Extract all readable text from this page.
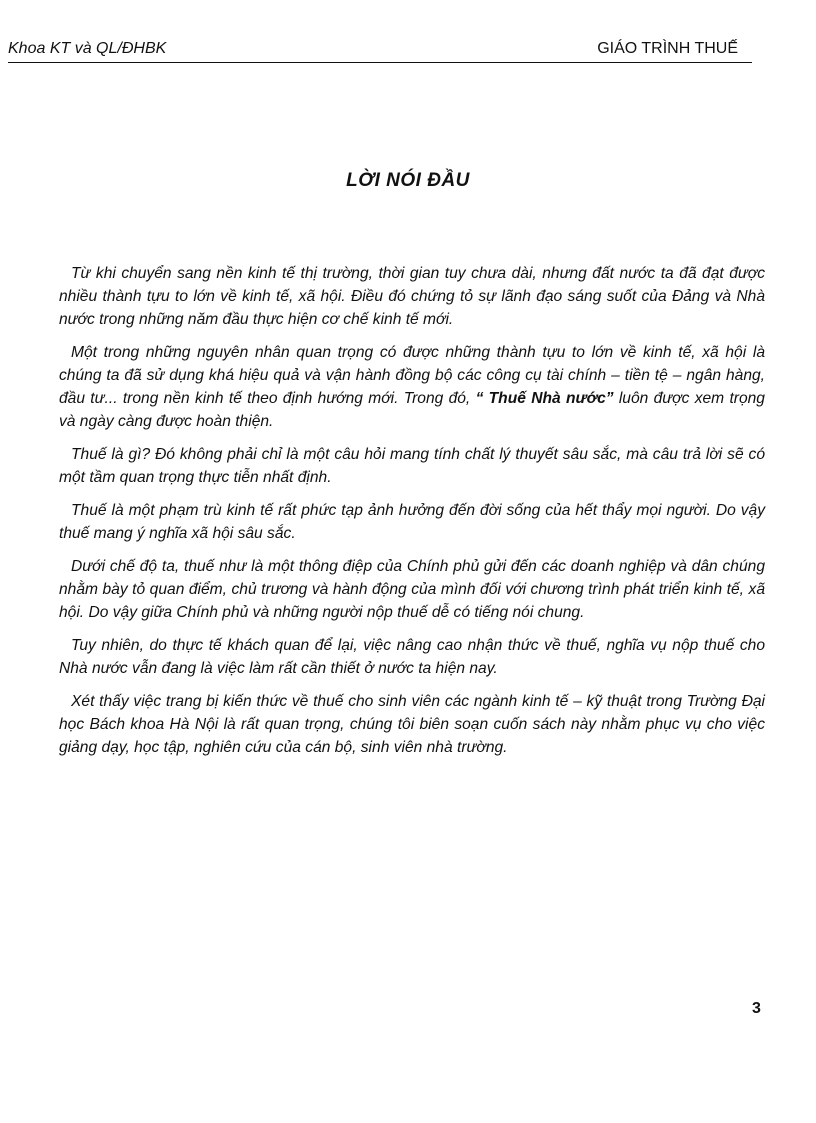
Khoa KT và QL/ĐHBK	GIÁO TRÌNH THUẾ
LỜI NÓI ĐẦU

Từ khi chuyển sang nền kinh tế thị trường, thời gian tuy chưa dài, nhưng đất nước ta đã đạt được nhiều thành tựu to lớn về kinh tế, xã hội. Điều đó chứng tỏ sự lãnh đạo sáng suốt của Đảng và Nhà nước trong những năm đầu thực hiện cơ chế kinh tế mới.

Một trong những nguyên nhân quan trọng có được những thành tựu to lớn về kinh tế, xã hội là chúng ta đã sử dụng khá hiệu quả và vận hành đồng bộ các công cụ tài chính – tiền tệ – ngân hàng, đầu tư... trong nền kinh tế theo định hướng mới. Trong đó, “ Thuế Nhà nước” luôn được xem trọng và ngày càng được hoàn thiện.

Thuế là gì? Đó không phải chỉ là một câu hỏi mang tính chất lý thuyết sâu sắc, mà câu trả lời sẽ có một tầm quan trọng thực tiễn nhất định.

Thuế là một phạm trù kinh tế rất phức tạp ảnh hưởng đến đời sống của hết thẩy mọi người. Do vậy thuế mang ý nghĩa xã hội sâu sắc.

Dưới chế độ ta, thuế như là một thông điệp của Chính phủ gửi đến các doanh nghiệp và dân chúng nhằm bày tỏ quan điểm, chủ trương và hành động của mình đối với chương trình phát triển kinh tế, xã hội. Do vậy giữa Chính phủ và những người nộp thuế dễ có tiếng nói chung.

Tuy nhiên, do thực tế khách quan để lại, việc nâng cao nhận thức về thuế, nghĩa vụ nộp thuế cho Nhà nước vẫn đang là việc làm rất cần thiết ở nước ta hiện nay.

Xét thấy việc trang bị kiến thức về thuế cho sinh viên các ngành kinh tế – kỹ thuật trong Trường Đại học Bách khoa Hà Nội là rất quan trọng, chúng tôi biên soạn cuốn sách này nhằm phục vụ cho việc giảng dạy, học tập, nghiên cứu của cán bộ, sinh viên nhà trường.

3
